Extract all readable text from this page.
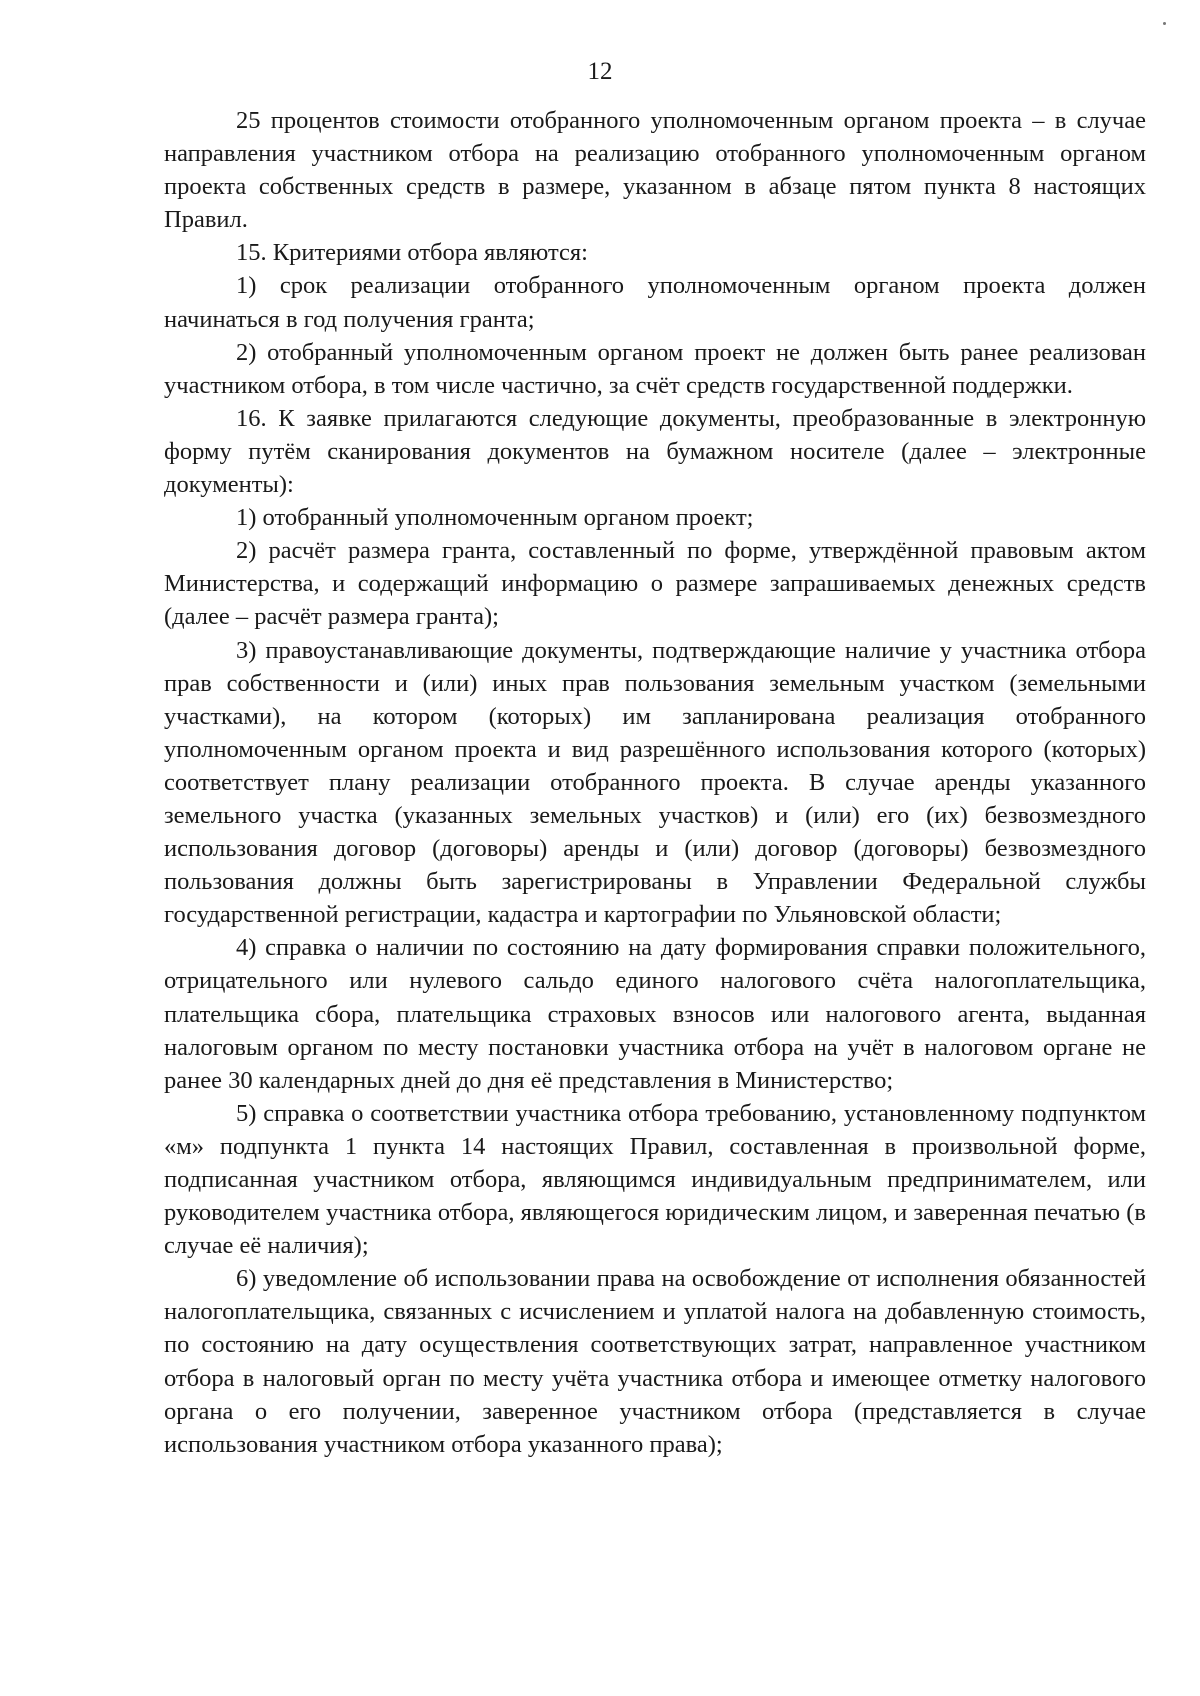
12

25 процентов стоимости отобранного уполномоченным органом проекта – в случае направления участником отбора на реализацию отобранного уполномоченным органом проекта собственных средств в размере, указанном в абзаце пятом пункта 8 настоящих Правил.

15. Критериями отбора являются:

1) срок реализации отобранного уполномоченным органом проекта должен начинаться в год получения гранта;

2) отобранный уполномоченным органом проект не должен быть ранее реализован участником отбора, в том числе частично, за счёт средств государственной поддержки.

16. К заявке прилагаются следующие документы, преобразованные в электронную форму путём сканирования документов на бумажном носителе (далее – электронные документы):

1) отобранный уполномоченным органом проект;

2) расчёт размера гранта, составленный по форме, утверждённой правовым актом Министерства, и содержащий информацию о размере запрашиваемых денежных средств (далее – расчёт размера гранта);

3) правоустанавливающие документы, подтверждающие наличие у участника отбора прав собственности и (или) иных прав пользования земельным участком (земельными участками), на котором (которых) им запланирована реализация отобранного уполномоченным органом проекта и вид разрешённого использования которого (которых) соответствует плану реализации отобранного проекта. В случае аренды указанного земельного участка (указанных земельных участков) и (или) его (их) безвозмездного использования договор (договоры) аренды и (или) договор (договоры) безвозмездного пользования должны быть зарегистрированы в Управлении Федеральной службы государственной регистрации, кадастра и картографии по Ульяновской области;

4) справка о наличии по состоянию на дату формирования справки положительного, отрицательного или нулевого сальдо единого налогового счёта налогоплательщика, плательщика сбора, плательщика страховых взносов или налогового агента, выданная налоговым органом по месту постановки участника отбора на учёт в налоговом органе не ранее 30 календарных дней до дня её представления в Министерство;

5) справка о соответствии участника отбора требованию, установленному подпунктом «м» подпункта 1 пункта 14 настоящих Правил, составленная в произвольной форме, подписанная участником отбора, являющимся индивидуальным предпринимателем, или руководителем участника отбора, являющегося юридическим лицом, и заверенная печатью (в случае её наличия);

6) уведомление об использовании права на освобождение от исполнения обязанностей налогоплательщика, связанных с исчислением и уплатой налога на добавленную стоимость, по состоянию на дату осуществления соответствующих затрат, направленное участником отбора в налоговый орган по месту учёта участника отбора и имеющее отметку налогового органа о его получении, заверенное участником отбора (представляется в случае использования участником отбора указанного права);
